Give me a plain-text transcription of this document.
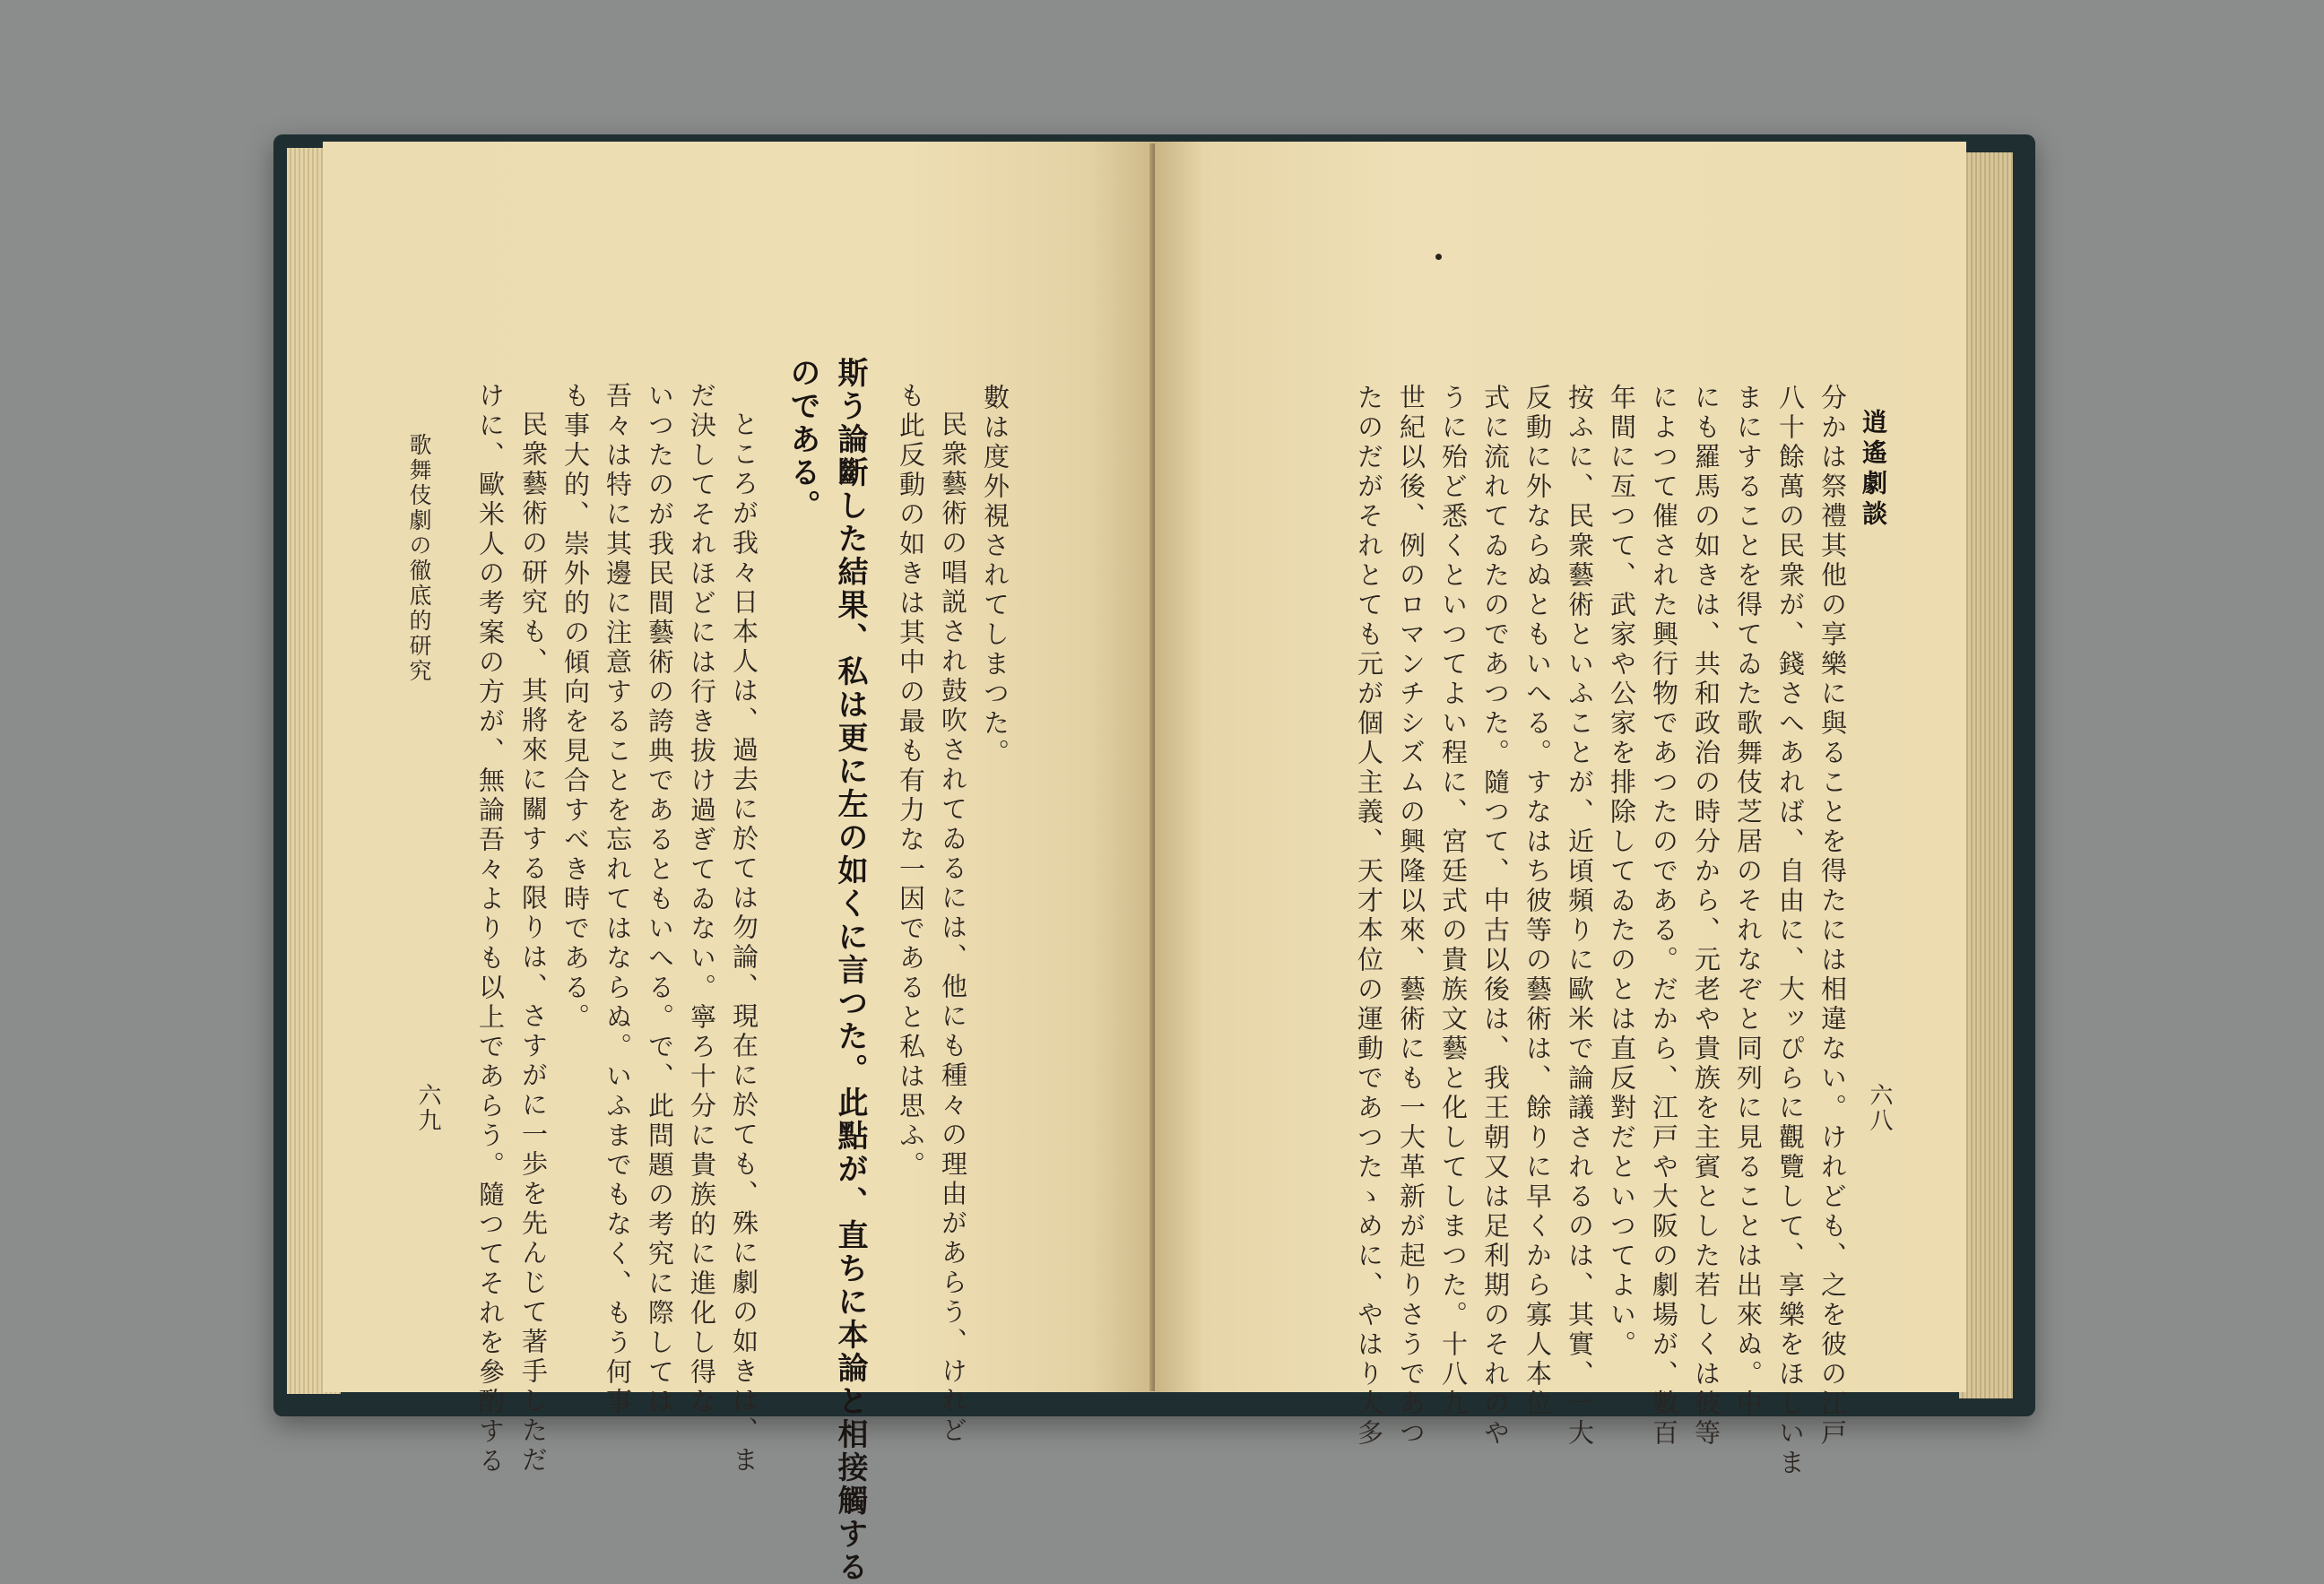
數は度外視されてしまつた。
民衆藝術の唱説され鼓吹されてゐるには、他にも種々の理由があらう、けれど
も此反動の如きは其中の最も有力な一因であると私は思ふ。
斯う論斷した結果、私は更に左の如くに言つた。此點が、直ちに本論と相接觸する
のである。
ところが我々日本人は、過去に於ては勿論、現在に於ても、殊に劇の如きは、ま
だ決してそれほどには行き拔け過ぎてゐない。寧ろ十分に貴族的に進化し得な
いつたのが我民間藝術の誇典であるともいへる。で、此問題の考究に際しては
吾々は特に其邊に注意することを忘れてはならぬ。いふまでもなく、もう何事
も事大的、崇外的の傾向を見合すべき時である。
民衆藝術の研究も、其將來に關する限りは、さすがに一歩を先んじて著手しただ
けに、歐米人の考案の方が、無論吾々よりも以上であらう。隨つてそれを參酌する
歌舞伎劇の徹底的研究
六九
逍遙劇談
六八
分かは祭禮其他の享樂に與ることを得たには相違ない。けれども、之を彼の江戸
八十餘萬の民衆が、錢さへあれば、自由に、大ッぴらに觀覽して、享樂をほしいま
まにすることを得てゐた歌舞伎芝居のそれなぞと同列に見ることは出來ぬ。中
にも羅馬の如きは、共和政治の時分から、元老や貴族を主賓とした若しくは彼等
によつて催された興行物であつたのである。だから、江戸や大阪の劇場が、數百
年間に亙つて、武家や公家を排除してゐたのとは直反對だといつてよい。
按ふに、民衆藝術といふことが、近頃頻りに歐米で論議されるのは、其實、一大
反動に外ならぬともいへる。すなはち彼等の藝術は、餘りに早くから寡人本位
式に流れてゐたのであつた。隨つて、中古以後は、我王朝又は足利期のそれのや
うに殆ど悉くといつてよい程に、宮廷式の貴族文藝と化してしまつた。十八九
世紀以後、例のロマンチシズムの興隆以來、藝術にも一大革新が起りさうであつ
たのだがそれとても元が個人主義、天才本位の運動であつたゝめに、やはり大多
